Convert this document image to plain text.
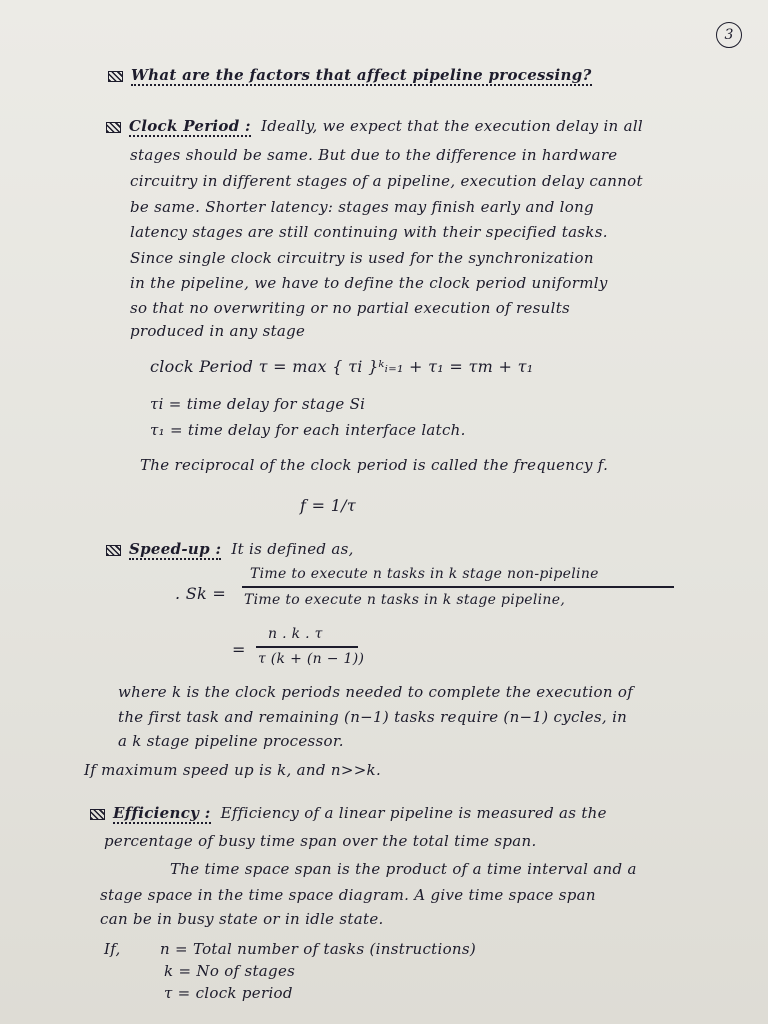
3
What are the factors that affect pipeline processing?
Clock Period : Ideally, we expect that the execution delay in all
stages should be same. But due to the difference in hardware
circuitry in different stages of a pipeline, execution delay cannot
be same. Shorter latency: stages may finish early and long
latency stages are still continuing with their specified tasks.
Since single clock circuitry is used for the synchronization
in the pipeline, we have to define the clock period uniformly
so that no overwriting or no partial execution of results
produced in any stage
clock Period τ = max { τi }ᵏᵢ₌₁ + τ₁ = τm + τ₁
τi = time delay for stage Si
τ₁ = time delay for each interface latch.
The reciprocal of the clock period is called the frequency f.
f = 1/τ
Speed-up : It is defined as,
. Sk =
Time to execute n tasks in k stage non-pipeline
Time to execute n tasks in k stage pipeline,
=
n . k . τ
τ (k + (n − 1))
where k is the clock periods needed to complete the execution of
the first task and remaining (n−1) tasks require (n−1) cycles, in
a k stage pipeline processor.
If maximum speed up is k, and n>>k.
Efficiency : Efficiency of a linear pipeline is measured as the
percentage of busy time span over the total time span.
The time space span is the product of a time interval and a
stage space in the time space diagram. A give time space span
can be in busy state or in idle state.
If,	n = Total number of tasks (instructions)
k = No of stages
τ = clock period
